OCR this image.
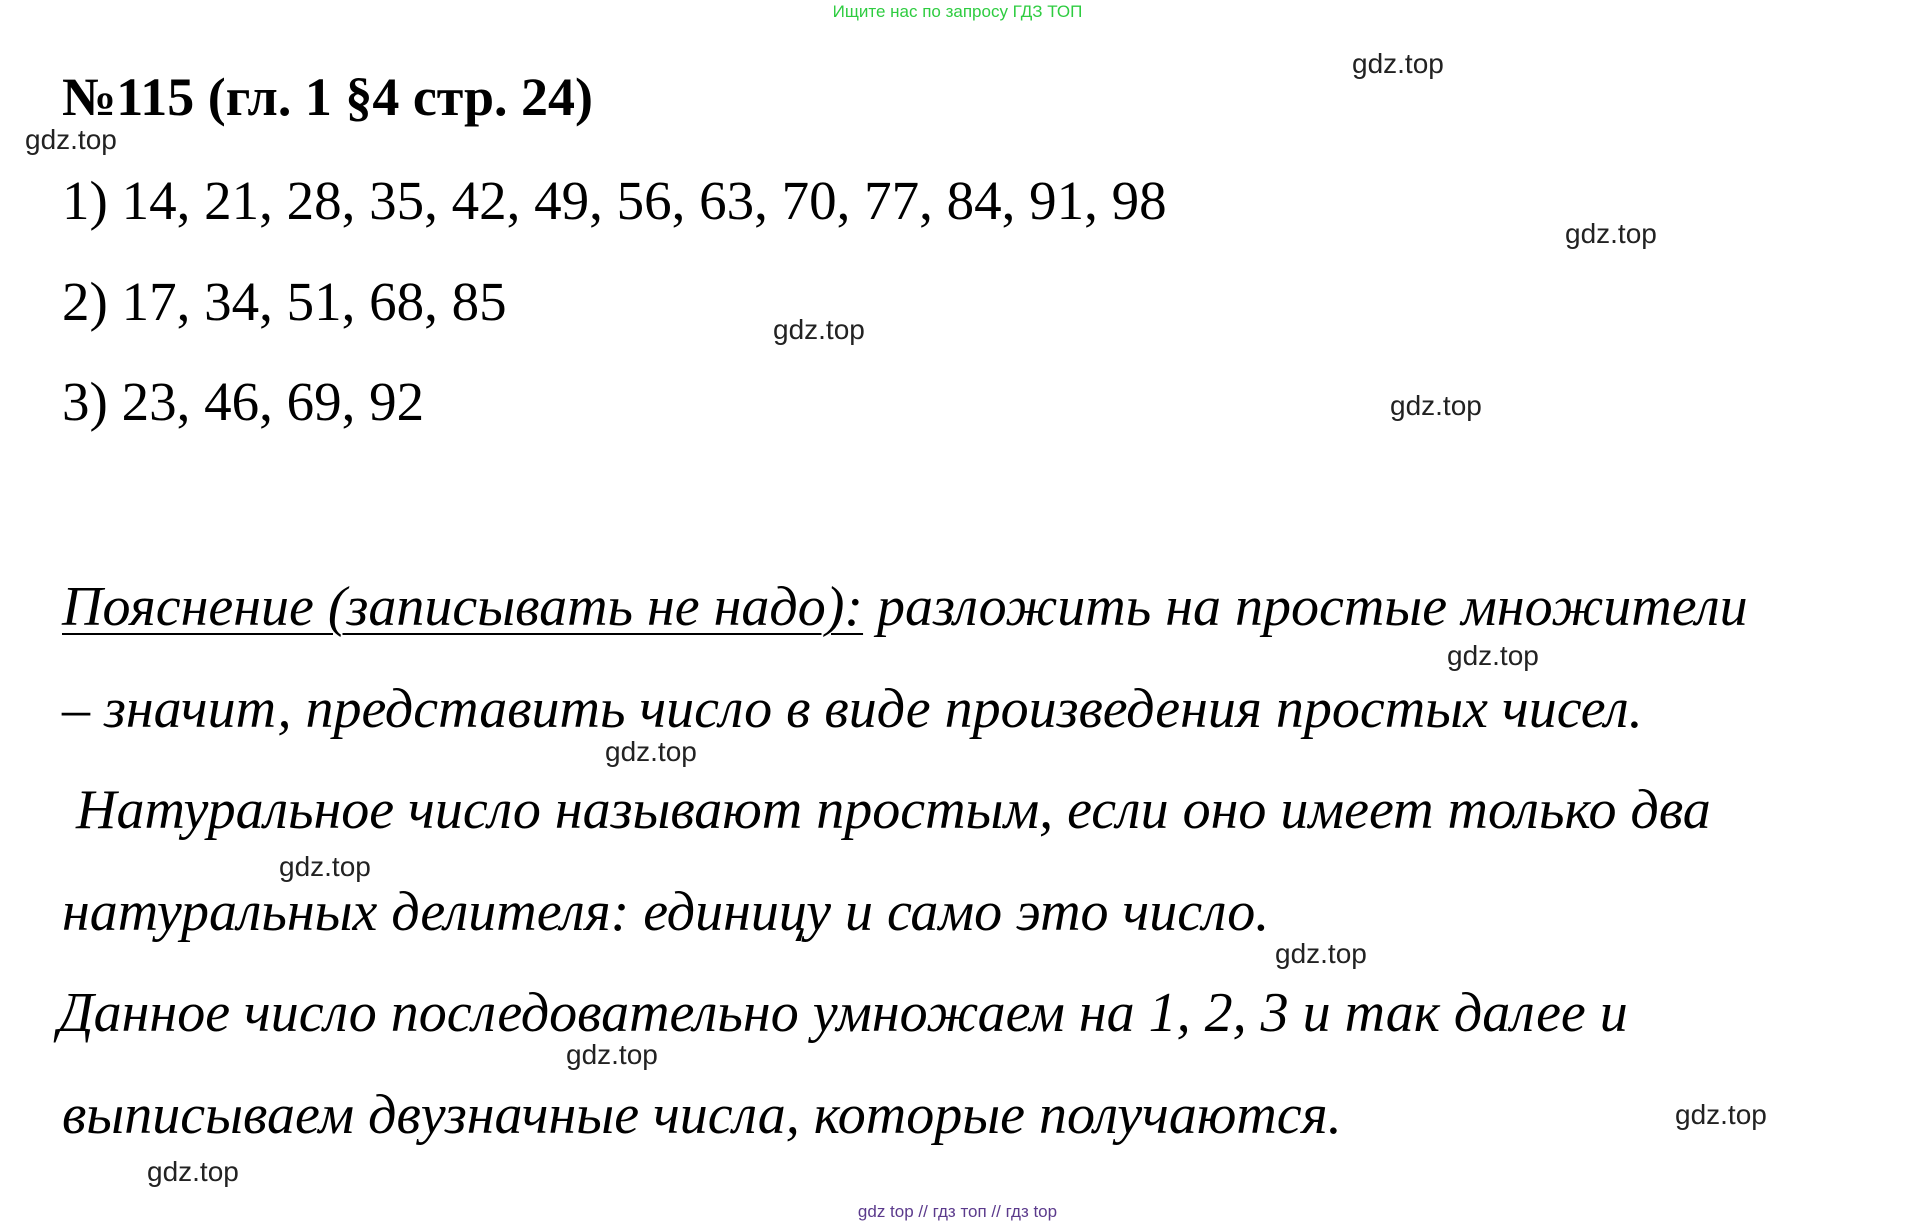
Ищите нас по запросу ГДЗ ТОП
№115 (гл. 1 §4 стр. 24)
1) 14, 21, 28, 35, 42, 49, 56, 63, 70, 77, 84, 91, 98
2) 17, 34, 51, 68, 85
3) 23, 46, 69, 92
Пояснение (записывать не надо): разложить на простые множители
– значит, представить число в виде произведения простых чисел.
Натуральное число называют простым, если оно имеет только два
натуральных делителя: единицу и само это число.
Данное число последовательно умножаем на 1, 2, 3 и так далее и
выписываем двузначные числа, которые получаются.
gdz.top
gdz.top
gdz.top
gdz.top
gdz.top
gdz.top
gdz.top
gdz.top
gdz.top
gdz.top
gdz.top
gdz.top
gdz top // гдз топ // гдз top
